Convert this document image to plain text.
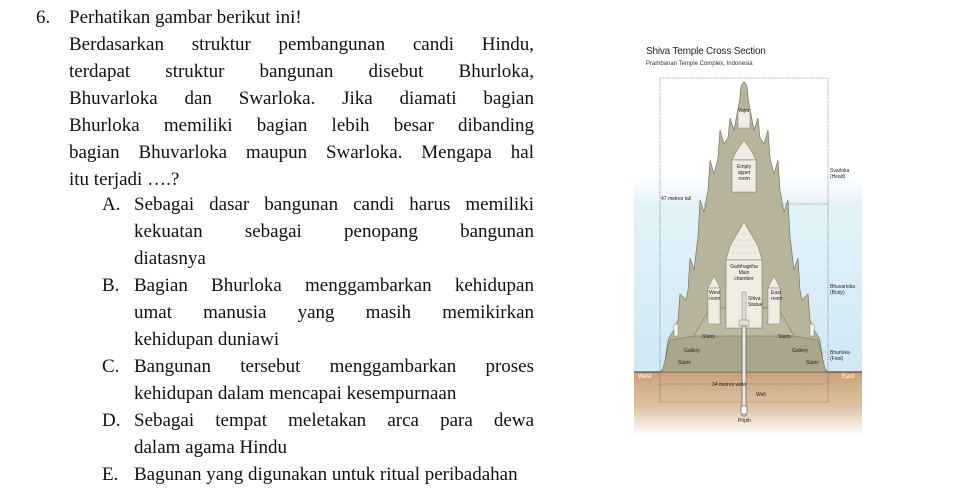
6. Perhatikan gambar berikut ini!
Berdasarkan struktur pembangunan candi Hindu,
terdapat struktur bangunan disebut Bhurloka,
Bhuvarloka dan Swarloka. Jika diamati bagian
Bhurloka memiliki bagian lebih besar dibanding
bagian Bhuvarloka maupun Swarloka. Mengapa hal
itu terjadi ….?
A. Sebagai dasar bangunan candi harus memiliki
kekuatan sebagai penopang bangunan
diatasnya
B. Bagian Bhurloka menggambarkan kehidupan
umat manusia yang masih memikirkan
kehidupan duniawi
C. Bangunan tersebut menggambarkan proses
kehidupan dalam mencapai kesempurnaan
D. Sebagai tempat meletakan arca para dewa
dalam agama Hindu
E. Bagunan yang digunakan untuk ritual peribadahan
Shiva Temple Cross Section
Prambanan Temple Complex, Indonesia
Vajra
47 metres tall
Empty
upper
room
Garbhagriha
Main chamber
West
room
East
room
Shiva
Statue
Stairs	Stairs
Gallery	Gallery
Stairs	Stairs
Svarloka
(Head)
Bhuvarloka
(Body)
Bhurloka
(Foot)
West	East
34 metres wide
Well
Pripih
